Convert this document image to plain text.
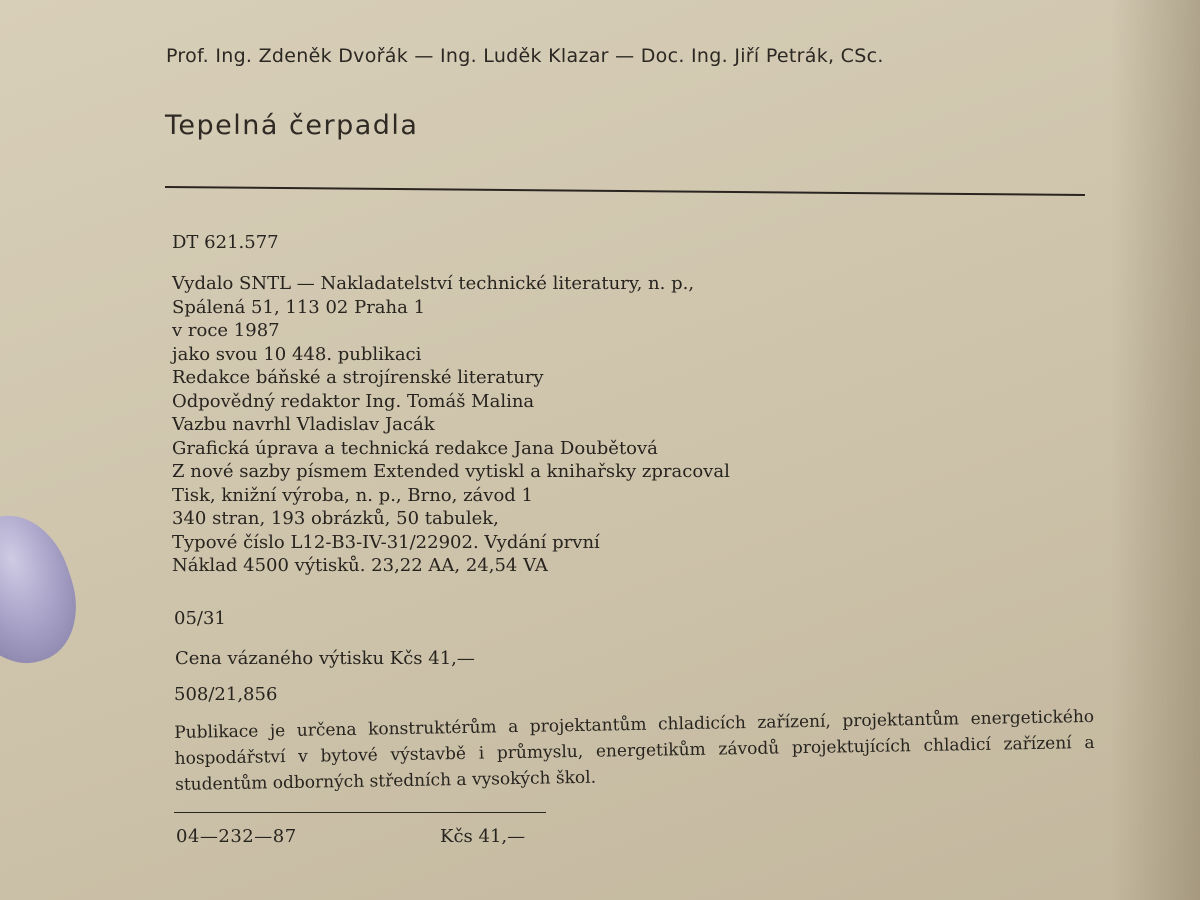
Prof. Ing. Zdeněk Dvořák — Ing. Luděk Klazar — Doc. Ing. Jiří Petrák, CSc.
Tepelná čerpadla
DT 621.577
Vydalo SNTL — Nakladatelství technické literatury, n. p.,
Spálená 51, 113 02 Praha 1
v roce 1987
jako svou 10 448. publikaci
Redakce báňské a strojírenské literatury
Odpovědný redaktor Ing. Tomáš Malina
Vazbu navrhl Vladislav Jacák
Grafická úprava a technická redakce Jana Doubětová
Z nové sazby písmem Extended vytiskl a knihařsky zpracoval
Tisk, knižní výroba, n. p., Brno, závod 1
340 stran, 193 obrázků, 50 tabulek,
Typové číslo L12-B3-IV-31/22902. Vydání první
Náklad 4500 výtisků. 23,22 AA, 24,54 VA
05/31
Cena vázaného výtisku Kčs 41,—
508/21,856
Publikace je určena konstruktérům a projektantům chladicích zařízení, projektantům energetického hospodářství v bytové výstavbě i průmyslu, energetikům závodů projektujících chladicí zařízení a studentům odborných středních a vysokých škol.
04—232—87	Kčs 41,—
